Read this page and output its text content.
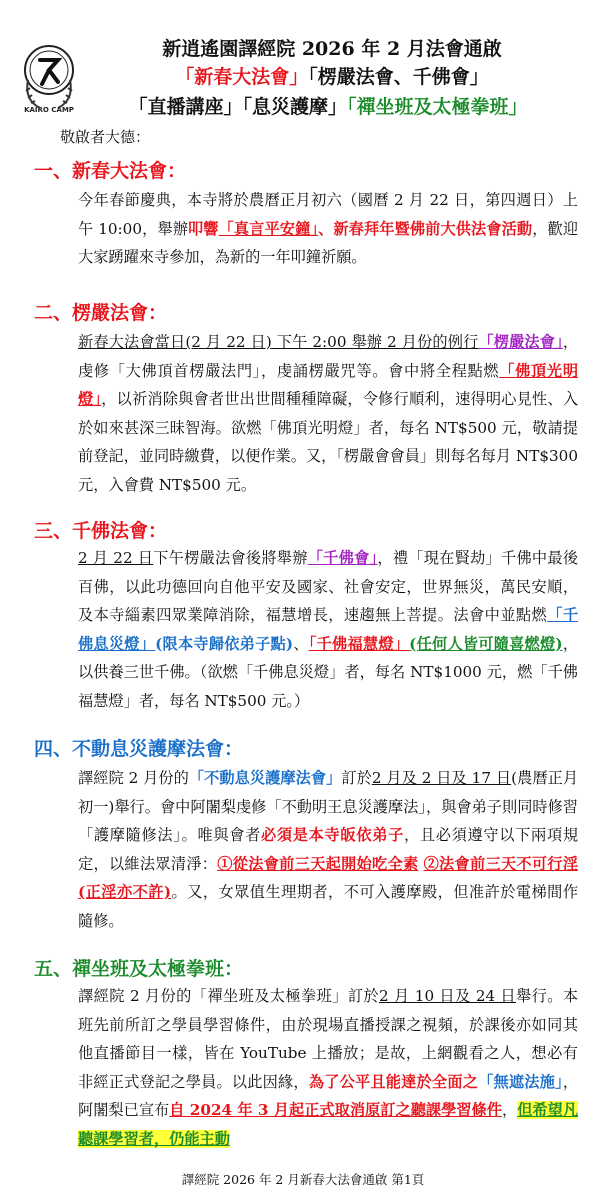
KAIRO CAMP
新逍遙園譯經院 2026 年 2 月法會通啟
「新春大法會」「楞嚴法會、千佛會」
「直播講座」「息災護摩」「禪坐班及太極拳班」
敬啟者大德：
一、新春大法會：
今年春節慶典，本寺將於農曆正月初六（國曆 2 月 22 日，第四週日）上午 10:00，舉辦叩響「真言平安鐘」、新春拜年暨佛前大供法會活動，歡迎大家踴躍來寺參加，為新的一年叩鐘祈願。
二、楞嚴法會：
新春大法會當日(2 月 22 日) 下午 2:00 舉辦 2 月份的例行「楞嚴法會」，虔修「大佛頂首楞嚴法門」，虔誦楞嚴咒等。會中將全程點燃「佛頂光明燈」，以祈消除與會者世出世間種種障礙，令修行順利，速得明心見性、入於如來甚深三昧智海。欲燃「佛頂光明燈」者，每名 NT$500 元，敬請提前登記，並同時繳費，以便作業。又，「楞嚴會會員」則每名每月 NT$300 元，入會費 NT$500 元。
三、千佛法會：
2 月 22 日下午楞嚴法會後將舉辦「千佛會」，禮「現在賢劫」千佛中最後百佛，以此功德回向自他平安及國家、社會安定，世界無災，萬民安順，及本寺緇素四眾業障消除，福慧增長，速趨無上菩提。法會中並點燃「千佛息災燈」(限本寺歸依弟子點)、「千佛福慧燈」(任何人皆可隨喜燃燈)，以供養三世千佛。（欲燃「千佛息災燈」者，每名 NT$1000 元，燃「千佛福慧燈」者，每名 NT$500 元。）
四、不動息災護摩法會：
譯經院 2 月份的「不動息災護摩法會」訂於2 月及 2 日及 17 日(農曆正月初一)舉行。會中阿闍梨虔修「不動明王息災護摩法」，與會弟子則同時修習「護摩隨修法」。唯與會者必須是本寺皈依弟子，且必須遵守以下兩項規定，以維法眾清淨：①從法會前三天起開始吃全素 ②法會前三天不可行淫(正淫亦不許)。又，女眾值生理期者，不可入護摩殿，但准許於電梯間作隨修。
五、禪坐班及太極拳班：
譯經院 2 月份的「禪坐班及太極拳班」訂於2 月 10 日及 24 日舉行。本班先前所訂之學員學習條件，由於現場直播授課之視頻，於課後亦如同其他直播節目一樣，皆在 YouTube 上播放；是故，上網觀看之人，想必有非經正式登記之學員。以此因緣，為了公平且能達於全面之「無遮法施」，阿闍梨已宣布自 2024 年 3 月起正式取消原訂之聽課學習條件，但希望凡聽課學習者，仍能主動
譯經院 2026 年 2 月新春大法會通啟 第1頁
